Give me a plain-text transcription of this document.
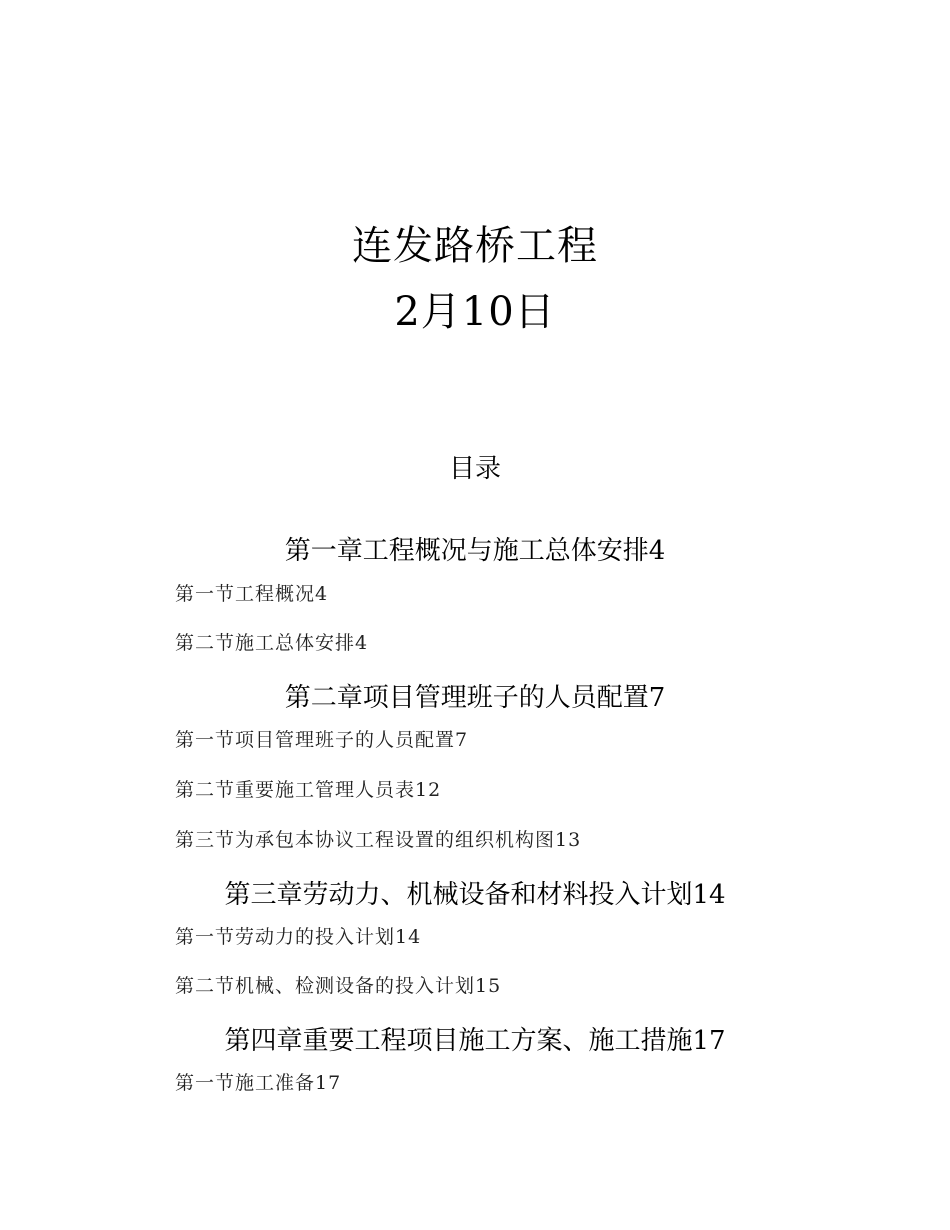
连发路桥工程
2月10日
目录
第一章工程概况与施工总体安排4
第一节工程概况4
第二节施工总体安排4
第二章项目管理班子的人员配置7
第一节项目管理班子的人员配置7
第二节重要施工管理人员表12
第三节为承包本协议工程设置的组织机构图13
第三章劳动力、机械设备和材料投入计划14
第一节劳动力的投入计划14
第二节机械、检测设备的投入计划15
第四章重要工程项目施工方案、施工措施17
第一节施工准备17
